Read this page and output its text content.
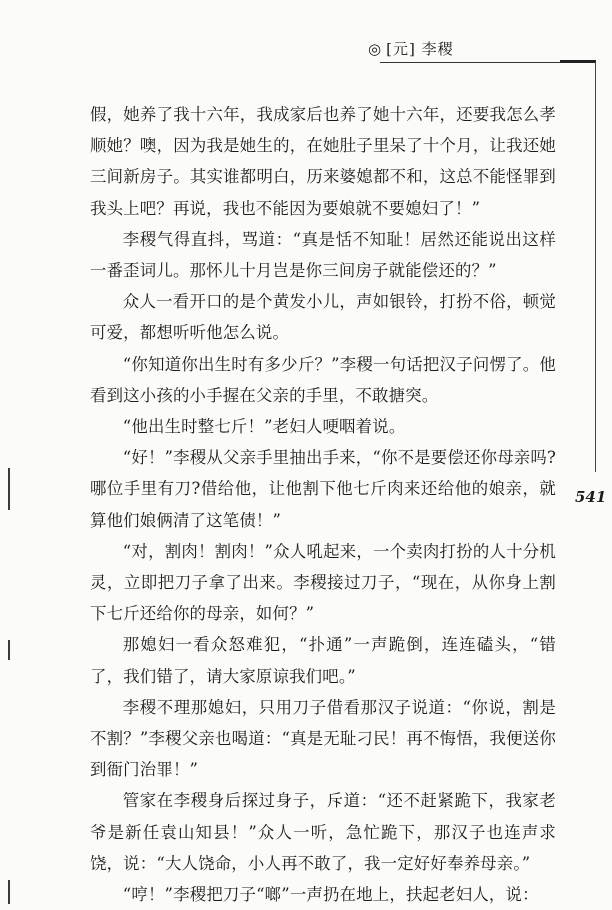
◎ [元] 李稷

假，她养了我十六年，我成家后也养了她十六年，还要我怎么孝顺她？噢，因为我是她生的，在她肚子里呆了十个月，让我还她三间新房子。其实谁都明白，历来婆媳都不和，这总不能怪罪到我头上吧？再说，我也不能因为要娘就不要媳妇了！”

李稷气得直抖，骂道：“真是恬不知耻！居然还能说出这样一番歪词儿。那怀儿十月岂是你三间房子就能偿还的？”

众人一看开口的是个黄发小儿，声如银铃，打扮不俗，顿觉可爱，都想听听他怎么说。

“你知道你出生时有多少斤？”李稷一句话把汉子问愣了。他看到这小孩的小手握在父亲的手里，不敢搪突。

“他出生时整七斤！”老妇人哽咽着说。

“好！”李稷从父亲手里抽出手来，“你不是要偿还你母亲吗?哪位手里有刀?借给他，让他割下他七斤肉来还给他的娘亲，就算他们娘俩清了这笔债！”

“对，割肉！割肉！”众人吼起来，一个卖肉打扮的人十分机灵，立即把刀子拿了出来。李稷接过刀子，“现在，从你身上割下七斤还给你的母亲，如何？”

那媳妇一看众怒难犯，“扑通”一声跪倒，连连磕头，“错了，我们错了，请大家原谅我们吧。”

李稷不理那媳妇，只用刀子借看那汉子说道：“你说，割是不割？”李稷父亲也喝道：“真是无耻刁民！再不悔悟，我便送你到衙门治罪！”

管家在李稷身后探过身子，斥道：“还不赶紧跪下，我家老爷是新任袁山知县！”众人一听，急忙跪下，那汉子也连声求饶，说：“大人饶命，小人再不敢了，我一定好好奉养母亲。”

“哼！”李稷把刀子“啷”一声扔在地上，扶起老妇人，说：

541
